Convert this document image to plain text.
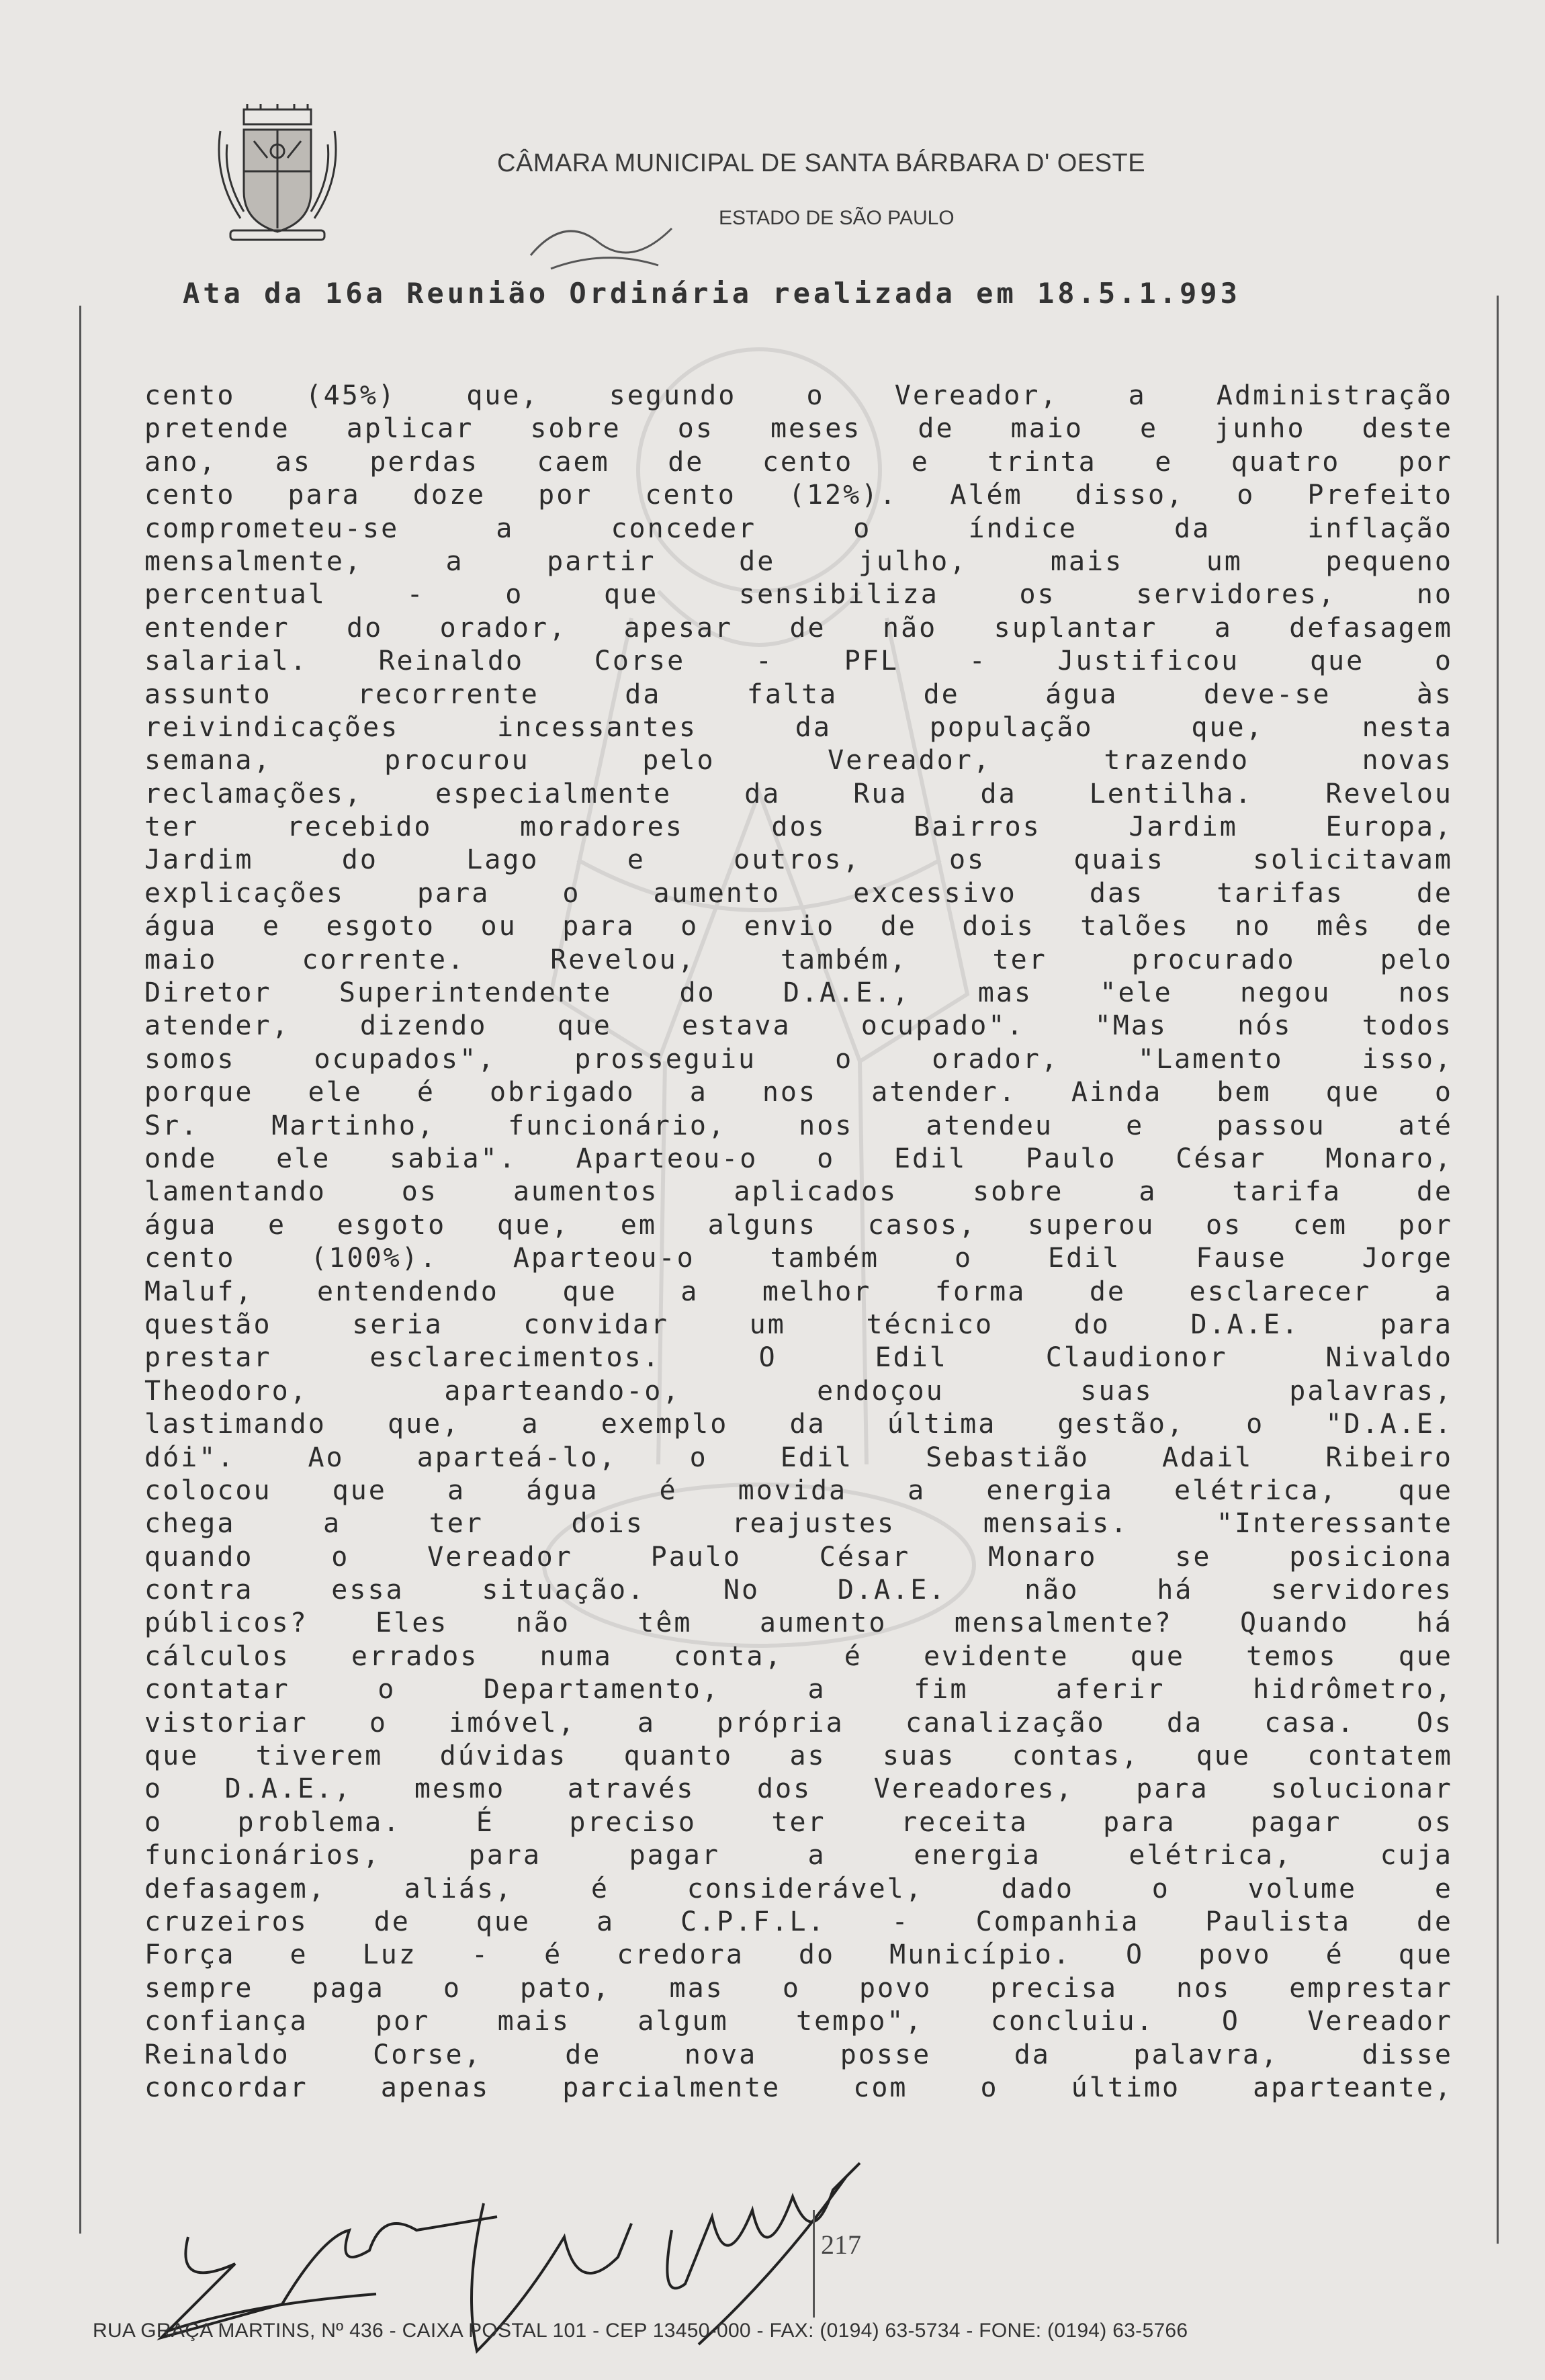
CÂMARA MUNICIPAL DE SANTA BÁRBARA D' OESTE
ESTADO DE SÃO PAULO
Ata da 16a Reunião Ordinária realizada em 18.5.1.993
cento (45%) que, segundo o Vereador, a Administração
pretende aplicar sobre os meses de maio e junho deste
ano, as perdas caem de cento e trinta e quatro por
cento para doze por cento (12%). Além disso, o Prefeito
comprometeu-se a conceder o índice da inflação
mensalmente, a partir de julho, mais um pequeno
percentual - o que sensibiliza os servidores, no
entender do orador, apesar de não suplantar a defasagem
salarial. Reinaldo Corse - PFL - Justificou que o
assunto recorrente da falta de água deve-se às
reivindicações incessantes da população que, nesta
semana, procurou pelo Vereador, trazendo novas
reclamações, especialmente da Rua da Lentilha. Revelou
ter recebido moradores dos Bairros Jardim Europa,
Jardim do Lago e outros, os quais solicitavam
explicações para o aumento excessivo das tarifas de
água e esgoto ou para o envio de dois talões no mês de
maio corrente. Revelou, também, ter procurado pelo
Diretor Superintendente do D.A.E., mas "ele negou nos
atender, dizendo que estava ocupado". "Mas nós todos
somos ocupados", prosseguiu o orador, "Lamento isso,
porque ele é obrigado a nos atender. Ainda bem que o
Sr. Martinho, funcionário, nos atendeu e passou até
onde ele sabia". Aparteou-o o Edil Paulo César Monaro,
lamentando os aumentos aplicados sobre a tarifa de
água e esgoto que, em alguns casos, superou os cem por
cento (100%). Aparteou-o também o Edil Fause Jorge
Maluf, entendendo que a melhor forma de esclarecer a
questão seria convidar um técnico do D.A.E. para
prestar esclarecimentos. O Edil Claudionor Nivaldo
Theodoro, aparteando-o, endoçou suas palavras,
lastimando que, a exemplo da última gestão, o "D.A.E.
dói". Ao aparteá-lo, o Edil Sebastião Adail Ribeiro
colocou que a água é movida a energia elétrica, que
chega a ter dois reajustes mensais. "Interessante
quando o Vereador Paulo César Monaro se posiciona
contra essa situação. No D.A.E. não há servidores
públicos? Eles não têm aumento mensalmente? Quando há
cálculos errados numa conta, é evidente que temos que
contatar o Departamento, a fim aferir hidrômetro,
vistoriar o imóvel, a própria canalização da casa. Os
que tiverem dúvidas quanto as suas contas, que contatem
o D.A.E., mesmo através dos Vereadores, para solucionar
o problema. É preciso ter receita para pagar os
funcionários, para pagar a energia elétrica, cuja
defasagem, aliás, é considerável, dado o volume e
cruzeiros de que a C.P.F.L. - Companhia Paulista de
Força e Luz - é credora do Município. O povo é que
sempre paga o pato, mas o povo precisa nos emprestar
confiança por mais algum tempo", concluiu. O Vereador
Reinaldo Corse, de nova posse da palavra, disse
concordar apenas parcialmente com o último aparteante,
217
RUA GRAÇA MARTINS, Nº 436 - CAIXA POSTAL 101 - CEP 13450-000 - FAX: (0194) 63-5734 - FONE: (0194) 63-5766
